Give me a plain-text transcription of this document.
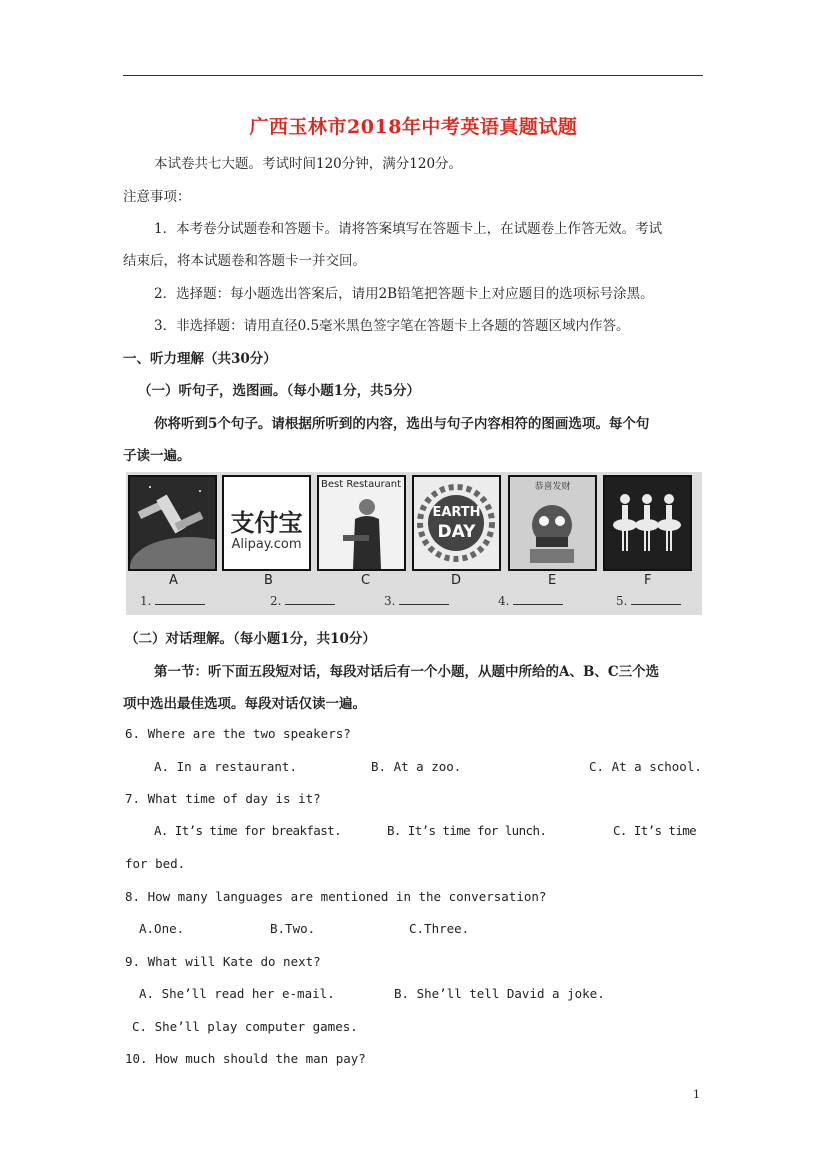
广西玉林市2018年中考英语真题试题
本试卷共七大题。考试时间120分钟，满分120分。
注意事项：
1．本考卷分试题卷和答题卡。请将答案填写在答题卡上，在试题卷上作答无效。考试
结束后，将本试题卷和答题卡一并交回。
2．选择题：每小题选出答案后，请用2B铅笔把答题卡上对应题目的选项标号涂黑。
3．非选择题：请用直径0.5毫米黑色签字笔在答题卡上各题的答题区域内作答。
一、听力理解（共30分）
（一）听句子，选图画。（每小题1分，共5分）
你将听到5个句子。请根据所听到的内容，选出与句子内容相符的图画选项。每个句
子读一遍。
支付宝
Alipay.com
Best Restaurant
EARTH
DAY
恭喜发财
A	B	C	D	E	F
1.	2.	3.	4.	5.
（二）对话理解。（每小题1分，共10分）
第一节：听下面五段短对话，每段对话后有一个小题，从题中所给的A、B、C三个选
项中选出最佳选项。每段对话仅读一遍。
6. Where are the two speakers?
A. In a restaurant.	B. At a zoo.	C. At a school.
7. What time of day is it?
A. It’s time for breakfast.	B. It’s time for lunch.	C. It’s time
for bed.
8. How many languages are mentioned in the conversation?
A.One.	B.Two.	C.Three.
9. What will Kate do next?
A. She’ll read her e-mail.	B. She’ll tell David a joke.
C. She’ll play computer games.
10. How much should the man pay?
1
